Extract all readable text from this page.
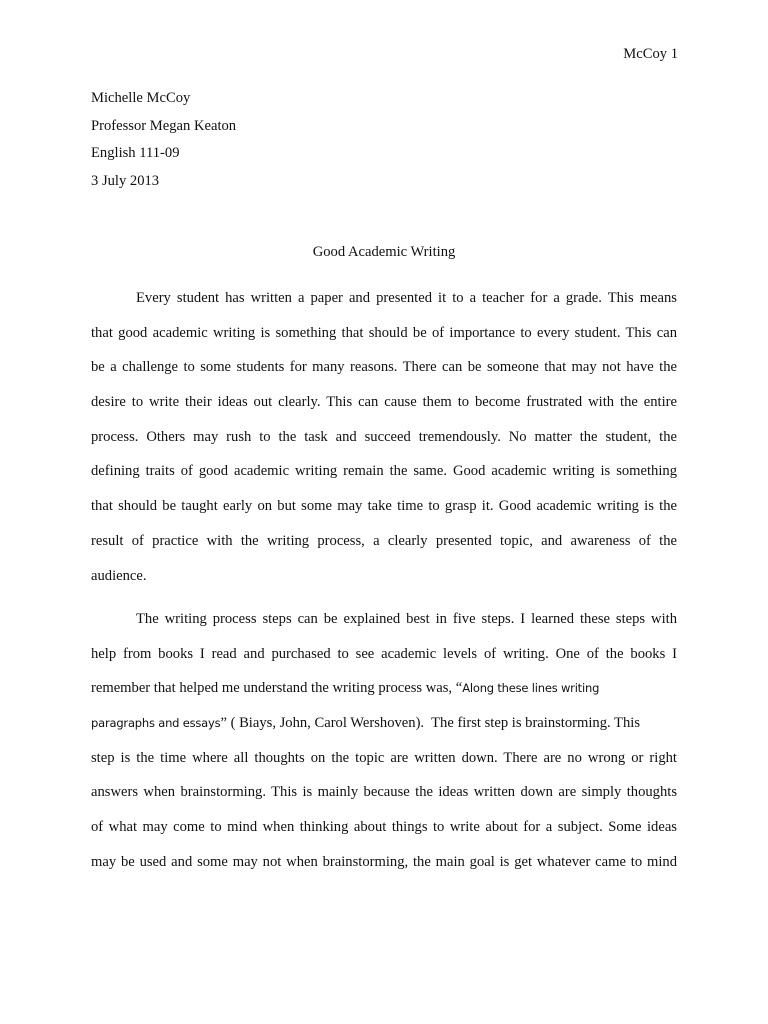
McCoy 1
Michelle McCoy
Professor Megan Keaton
English 111-09
3 July 2013
Good Academic Writing
Every student has written a paper and presented it to a teacher for a grade. This means
that good academic writing is something that should be of importance to every student. This can
be a challenge to some students for many reasons. There can be someone that may not have the
desire to write their ideas out clearly. This can cause them to become frustrated with the entire
process. Others may rush to the task and succeed tremendously. No matter the student, the
defining traits of good academic writing remain the same. Good academic writing is something
that should be taught early on but some may take time to grasp it. Good academic writing is the
result of practice with the writing process, a clearly presented topic, and awareness of the
audience.
The writing process steps can be explained best in five steps. I learned these steps with
help from books I read and purchased to see academic levels of writing. One of the books I
remember that helped me understand the writing process was, “Along these lines writing
paragraphs and essays” ( Biays, John, Carol Wershoven).  The first step is brainstorming. This
step is the time where all thoughts on the topic are written down. There are no wrong or right
answers when brainstorming. This is mainly because the ideas written down are simply thoughts
of what may come to mind when thinking about things to write about for a subject. Some ideas
may be used and some may not when brainstorming, the main goal is get whatever came to mind
